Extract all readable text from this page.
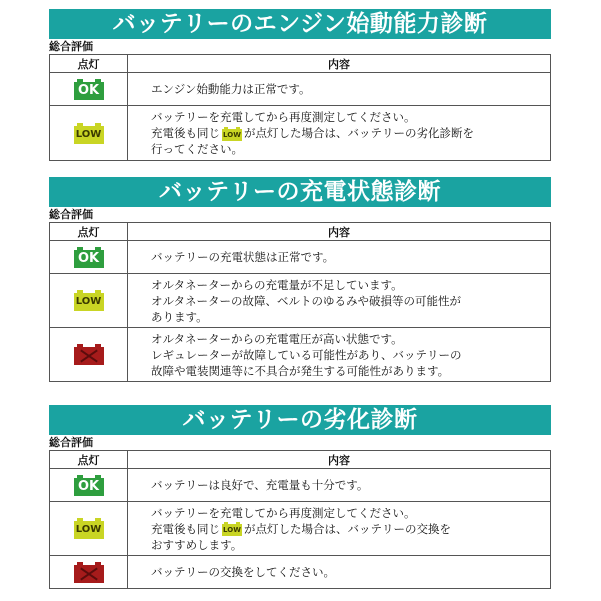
バッテリーのエンジン始動能力診断
総合評価
点灯	内容

OK	エンジン始動能力は正常です。

LOW	バッテリーを充電してから再度測定してください。
充電後も同じ LOW が点灯した場合は、バッテリーの劣化診断を
行ってください。
バッテリーの充電状態診断
総合評価
点灯	内容

OK	バッテリーの充電状態は正常です。

LOW	オルタネーターからの充電量が不足しています。
オルタネーターの故障、ベルトのゆるみや破損等の可能性が
あります。

	オルタネーターからの充電電圧が高い状態です。
レギュレーターが故障している可能性があり、バッテリーの
故障や電装関連等に不具合が発生する可能性があります。
バッテリーの劣化診断
総合評価
点灯	内容

OK	バッテリーは良好で、充電量も十分です。

LOW	バッテリーを充電してから再度測定してください。
充電後も同じ LOW が点灯した場合は、バッテリーの交換を
おすすめします。

	バッテリーの交換をしてください。
